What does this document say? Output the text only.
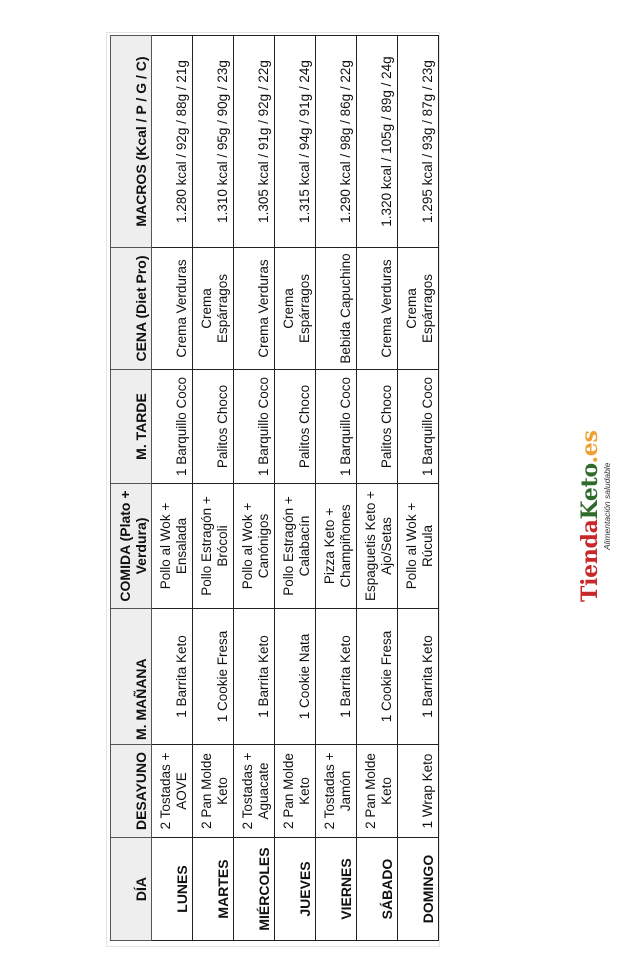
DÍA	DESAYUNO	M. MAÑANA	COMIDA (Plato + Verdura)	M. TARDE	CENA (Diet Pro)	MACROS (Kcal / P / G / C)
LUNES	2 Tostadas + AOVE	1 Barrita Keto	Pollo al Wok + Ensalada	1 Barquillo Coco	Crema Verduras	1.280 kcal / 92g / 88g / 21g
MARTES	2 Pan Molde Keto	1 Cookie Fresa	Pollo Estragón + Brócoli	Palitos Choco	Crema Espárragos	1.310 kcal / 95g / 90g / 23g
MIÉRCOLES	2 Tostadas + Aguacate	1 Barrita Keto	Pollo al Wok + Canónigos	1 Barquillo Coco	Crema Verduras	1.305 kcal / 91g / 92g / 22g
JUEVES	2 Pan Molde Keto	1 Cookie Nata	Pollo Estragón + Calabacín	Palitos Choco	Crema Espárragos	1.315 kcal / 94g / 91g / 24g
VIERNES	2 Tostadas + Jamón	1 Barrita Keto	Pizza Keto + Champiñones	1 Barquillo Coco	Bebida Capuchino	1.290 kcal / 98g / 86g / 22g
SÁBADO	2 Pan Molde Keto	1 Cookie Fresa	Espaguetis Keto + Ajo/Setas	Palitos Choco	Crema Verduras	1.320 kcal / 105g / 89g / 24g
DOMINGO	1 Wrap Keto	1 Barrita Keto	Pollo al Wok + Rúcula	1 Barquillo Coco	Crema Espárragos	1.295 kcal / 93g / 87g / 23g
TiendaKeto.es
Alimentación saludable
